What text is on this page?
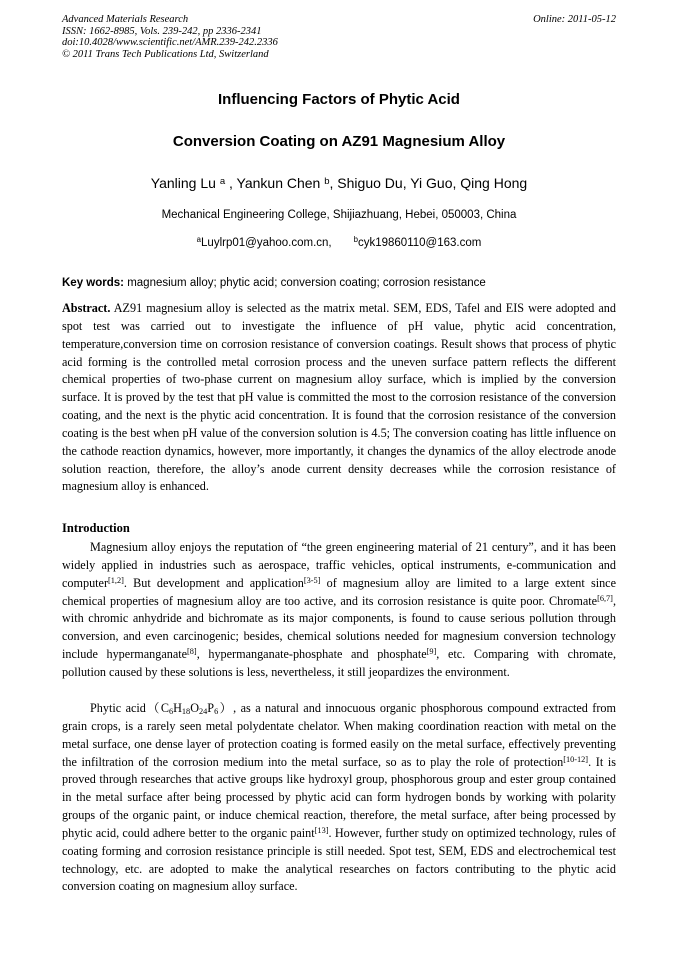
Advanced Materials Research
ISSN: 1662-8985, Vols. 239-242, pp 2336-2341
doi:10.4028/www.scientific.net/AMR.239-242.2336
© 2011 Trans Tech Publications Ltd, Switzerland
Online: 2011-05-12
Influencing Factors of Phytic Acid
Conversion Coating on AZ91 Magnesium Alloy
Yanling Lu $^a$ , Yankun Chen $^b$, Shiguo Du, Yi Guo, Qing Hong
Mechanical Engineering College, Shijiazhuang, Hebei, 050003, China
$^a$Luylrp01@yahoo.com.cn,	$^b$cyk19860110@163.com
Key words: magnesium alloy; phytic acid; conversion coating; corrosion resistance

Abstract. AZ91 magnesium alloy is selected as the matrix metal. SEM, EDS, Tafel and EIS were adopted and spot test was carried out to investigate the influence of pH value, phytic acid concentration, temperature,conversion time on corrosion resistance of conversion coatings. Result shows that process of phytic acid forming is the controlled metal corrosion process and the uneven surface pattern reflects the different chemical properties of two-phase current on magnesium alloy surface, which is implied by the conversion surface. It is proved by the test that pH value is committed the most to the corrosion resistance of the conversion coating, and the next is the phytic acid concentration. It is found that the corrosion resistance of the conversion coating is the best when pH value of the conversion solution is 4.5; The conversion coating has little influence on the cathode reaction dynamics, however, more importantly, it changes the dynamics of the alloy electrode anode solution reaction, therefore, the alloy’s anode current density decreases while the corrosion resistance of magnesium alloy is enhanced.

Introduction

Magnesium alloy enjoys the reputation of “the green engineering material of 21 century”, and it has been widely applied in industries such as aerospace, traffic vehicles, optical instruments, e-communication and computer[1,2]. But development and application[3-5] of magnesium alloy are limited to a large extent since chemical properties of magnesium alloy are too active, and its corrosion resistance is quite poor. Chromate[6,7], with chromic anhydride and bichromate as its major components, is found to cause serious pollution through conversion, and even carcinogenic; besides, chemical solutions needed for magnesium conversion technology include hypermanganate[8], hypermanganate-phosphate and phosphate[9], etc. Comparing with chromate, pollution caused by these solutions is less, nevertheless, it still jeopardizes the environment.

Phytic $acid(C_6H_{18}O_{24}P_6)$, as a natural and innocuous organic phosphorous compound extracted from grain crops, is a rarely seen metal polydentate chelator. When making coordination reaction with metal on the metal surface, one dense layer of protection coating is formed easily on the metal surface, effectively preventing the infiltration of the corrosion medium into the metal surface, so as to play the role of protection[10-12]. It is proved through researches that active groups like hydroxyl group, phosphorous group and ester group contained in the metal surface after being processed by phytic acid can form hydrogen bonds by working with polarity groups of the organic paint, or induce chemical reaction, therefore, the metal surface, after being processed by phytic acid, could adhere better to the organic paint[13]. However, further study on optimized technology, rules of coating forming and corrosion resistance principle is still needed. Spot test, SEM, EDS and electrochemical test technology, etc. are adopted to make the analytical researches on factors contributing to the phytic acid conversion coating on magnesium alloy surface.
